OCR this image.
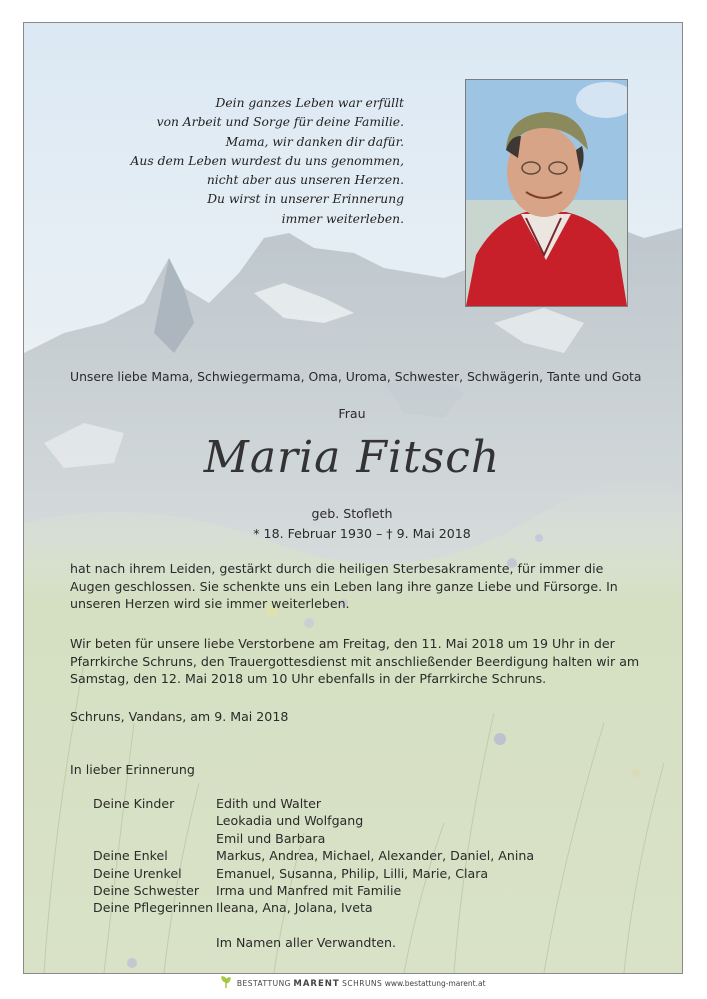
Dein ganzes Leben war erfüllt
von Arbeit und Sorge für deine Familie.
Mama, wir danken dir dafür.
Aus dem Leben wurdest du uns genommen,
nicht aber aus unseren Herzen.
Du wirst in unserer Erinnerung
immer weiterleben.
Unsere liebe Mama, Schwiegermama, Oma, Uroma, Schwester, Schwägerin, Tante und Gota
Frau
Maria Fitsch
geb. Stofleth
* 18. Februar 1930 – † 9. Mai 2018
hat nach ihrem Leiden, gestärkt durch die heiligen Sterbesakramente, für immer die Augen geschlossen. Sie schenkte uns ein Leben lang ihre ganze Liebe und Fürsorge. In unseren Herzen wird sie immer weiterleben.
Wir beten für unsere liebe Verstorbene am Freitag, den 11. Mai 2018 um 19 Uhr in der Pfarrkirche Schruns, den Trauergottesdienst mit anschließender Beerdigung halten wir am Samstag, den 12. Mai 2018 um 10 Uhr ebenfalls in der Pfarrkirche Schruns.
Schruns, Vandans, am 9. Mai 2018
In lieber Erinnerung
Deine Kinder	Edith und Walter
Leokadia und Wolfgang
Emil und Barbara
Deine Enkel	Markus, Andrea, Michael, Alexander, Daniel, Anina
Deine Urenkel	Emanuel, Susanna, Philip, Lilli, Marie, Clara
Deine Schwester Irma und Manfred mit Familie
Deine Pflegerinnen Ileana, Ana, Jolana, Iveta
Im Namen aller Verwandten.
BESTATTUNG MARENT SCHRUNS www.bestattung-marent.at
